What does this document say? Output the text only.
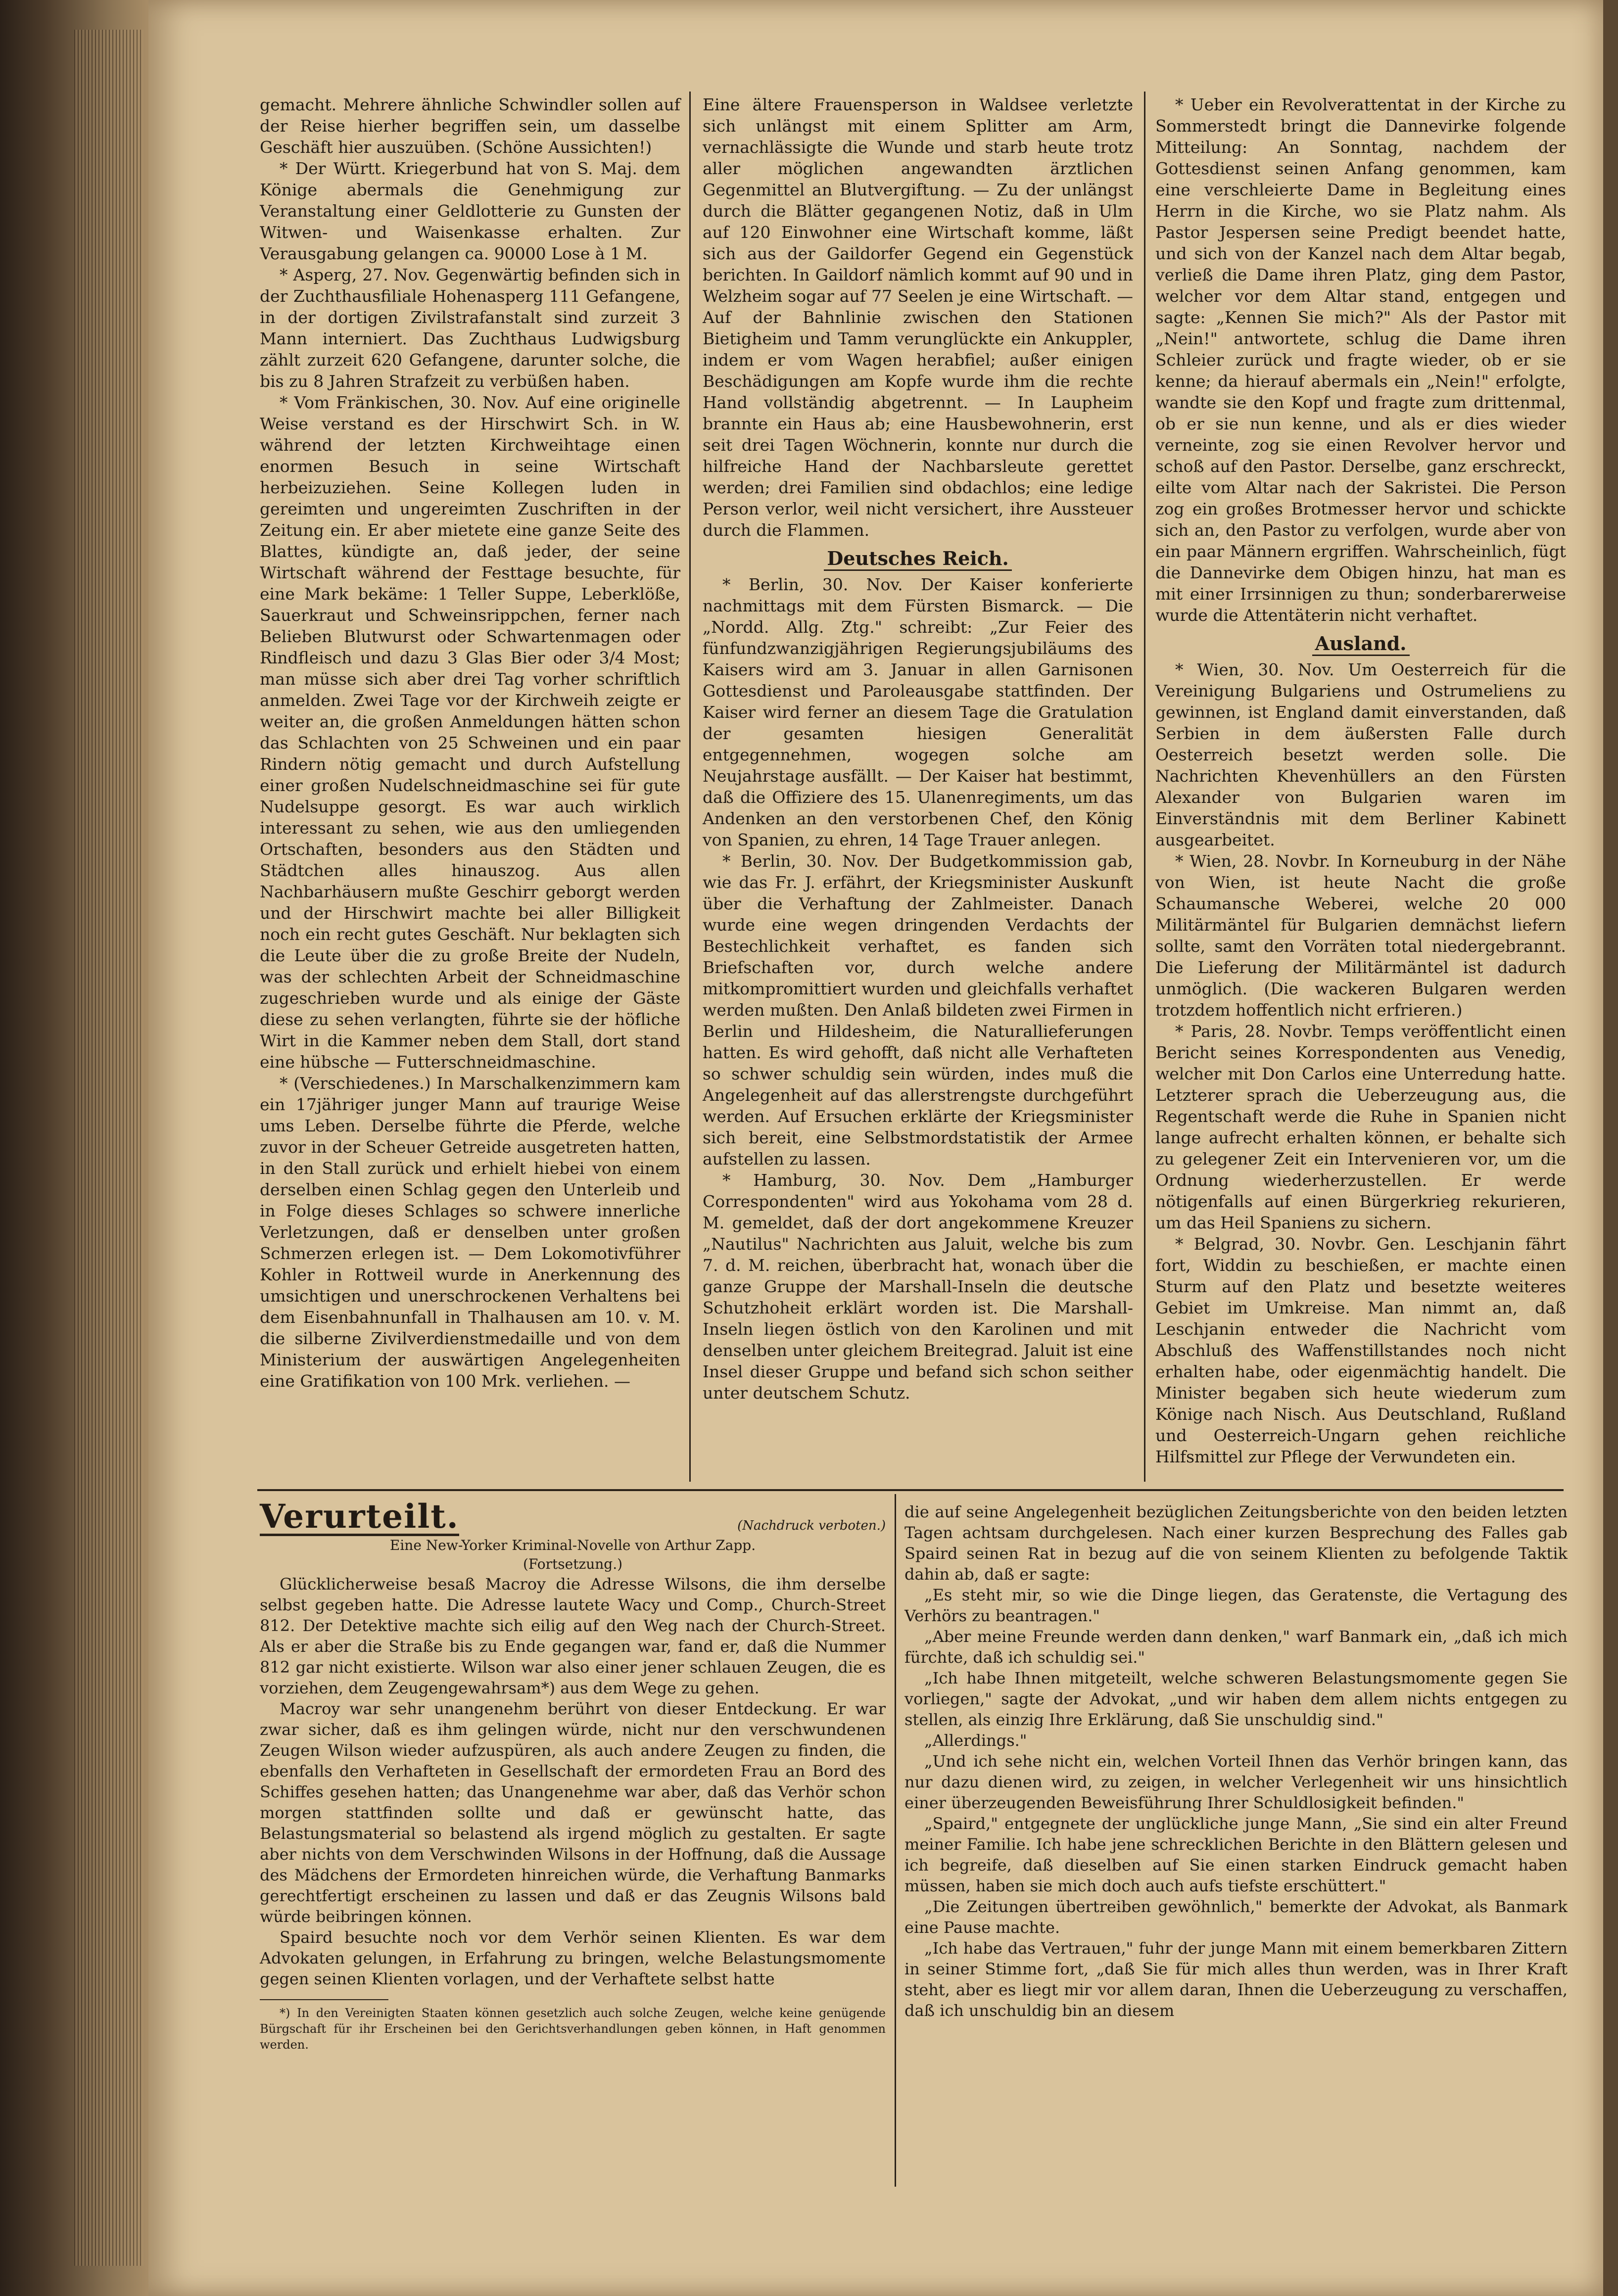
gemacht. Mehrere ähnliche Schwindler sollen auf der Reise hierher begriffen sein, um dasselbe Geschäft hier auszuüben. (Schöne Aussichten!)

* Der Württ. Kriegerbund hat von S. Maj. dem Könige abermals die Genehmigung zur Veranstaltung einer Geldlotterie zu Gunsten der Witwen- und Waisenkasse erhalten. Zur Verausgabung gelangen ca. 90000 Lose à 1 M.

* Asperg, 27. Nov. Gegenwärtig befinden sich in der Zuchthausfiliale Hohenasperg 111 Gefangene, in der dortigen Zivilstrafanstalt sind zurzeit 3 Mann interniert. Das Zuchthaus Ludwigsburg zählt zurzeit 620 Gefangene, darunter solche, die bis zu 8 Jahren Strafzeit zu verbüßen haben.

* Vom Fränkischen, 30. Nov. Auf eine originelle Weise verstand es der Hirschwirt Sch. in W. während der letzten Kirchweihtage einen enormen Besuch in seine Wirtschaft herbeizuziehen. Seine Kollegen luden in gereimten und ungereimten Zuschriften in der Zeitung ein. Er aber mietete eine ganze Seite des Blattes, kündigte an, daß jeder, der seine Wirtschaft während der Festtage besuchte, für eine Mark bekäme: 1 Teller Suppe, Leberklöße, Sauerkraut und Schweinsrippchen, ferner nach Belieben Blutwurst oder Schwartenmagen oder Rindfleisch und dazu 3 Glas Bier oder 3/4 Most; man müsse sich aber drei Tag vorher schriftlich anmelden. Zwei Tage vor der Kirchweih zeigte er weiter an, die großen Anmeldungen hätten schon das Schlachten von 25 Schweinen und ein paar Rindern nötig gemacht und durch Aufstellung einer großen Nudelschneidmaschine sei für gute Nudelsuppe gesorgt. Es war auch wirklich interessant zu sehen, wie aus den umliegenden Ortschaften, besonders aus den Städten und Städtchen alles hinauszog. Aus allen Nachbarhäusern mußte Geschirr geborgt werden und der Hirschwirt machte bei aller Billigkeit noch ein recht gutes Geschäft. Nur beklagten sich die Leute über die zu große Breite der Nudeln, was der schlechten Arbeit der Schneidmaschine zugeschrieben wurde und als einige der Gäste diese zu sehen verlangten, führte sie der höfliche Wirt in die Kammer neben dem Stall, dort stand eine hübsche — Futterschneidmaschine.

* (Verschiedenes.) In Marschalkenzimmern kam ein 17jähriger junger Mann auf traurige Weise ums Leben. Derselbe führte die Pferde, welche zuvor in der Scheuer Getreide ausgetreten hatten, in den Stall zurück und erhielt hiebei von einem derselben einen Schlag gegen den Unterleib und in Folge dieses Schlages so schwere innerliche Verletzungen, daß er denselben unter großen Schmerzen erlegen ist. — Dem Lokomotivführer Kohler in Rottweil wurde in Anerkennung des umsichtigen und unerschrockenen Verhaltens bei dem Eisenbahnunfall in Thalhausen am 10. v. M. die silberne Zivilverdienstmedaille und von dem Ministerium der auswärtigen Angelegenheiten eine Gratifikation von 100 Mrk. verliehen. —

Eine ältere Frauensperson in Waldsee verletzte sich unlängst mit einem Splitter am Arm, vernachlässigte die Wunde und starb heute trotz aller möglichen angewandten ärztlichen Gegenmittel an Blutvergiftung. — Zu der unlängst durch die Blätter gegangenen Notiz, daß in Ulm auf 120 Einwohner eine Wirtschaft komme, läßt sich aus der Gaildorfer Gegend ein Gegenstück berichten. In Gaildorf nämlich kommt auf 90 und in Welzheim sogar auf 77 Seelen je eine Wirtschaft. — Auf der Bahnlinie zwischen den Stationen Bietigheim und Tamm verunglückte ein Ankuppler, indem er vom Wagen herabfiel; außer einigen Beschädigungen am Kopfe wurde ihm die rechte Hand vollständig abgetrennt. — In Laupheim brannte ein Haus ab; eine Hausbewohnerin, erst seit drei Tagen Wöchnerin, konnte nur durch die hilfreiche Hand der Nachbarsleute gerettet werden; drei Familien sind obdachlos; eine ledige Person verlor, weil nicht versichert, ihre Aussteuer durch die Flammen.

Deutsches Reich.

* Berlin, 30. Nov. Der Kaiser konferierte nachmittags mit dem Fürsten Bismarck. — Die „Nordd. Allg. Ztg." schreibt: „Zur Feier des fünfundzwanzigjährigen Regierungsjubiläums des Kaisers wird am 3. Januar in allen Garnisonen Gottesdienst und Paroleausgabe stattfinden. Der Kaiser wird ferner an diesem Tage die Gratulation der gesamten hiesigen Generalität entgegennehmen, wogegen solche am Neujahrstage ausfällt. — Der Kaiser hat bestimmt, daß die Offiziere des 15. Ulanenregiments, um das Andenken an den verstorbenen Chef, den König von Spanien, zu ehren, 14 Tage Trauer anlegen.

* Berlin, 30. Nov. Der Budgetkommission gab, wie das Fr. J. erfährt, der Kriegsminister Auskunft über die Verhaftung der Zahlmeister. Danach wurde eine wegen dringenden Verdachts der Bestechlichkeit verhaftet, es fanden sich Briefschaften vor, durch welche andere mitkompromittiert wurden und gleichfalls verhaftet werden mußten. Den Anlaß bildeten zwei Firmen in Berlin und Hildesheim, die Naturallieferungen hatten. Es wird gehofft, daß nicht alle Verhafteten so schwer schuldig sein würden, indes muß die Angelegenheit auf das allerstrengste durchgeführt werden. Auf Ersuchen erklärte der Kriegsminister sich bereit, eine Selbstmordstatistik der Armee aufstellen zu lassen.

* Hamburg, 30. Nov. Dem „Hamburger Correspondenten" wird aus Yokohama vom 28 d. M. gemeldet, daß der dort angekommene Kreuzer „Nautilus" Nachrichten aus Jaluit, welche bis zum 7. d. M. reichen, überbracht hat, wonach über die ganze Gruppe der Marshall-Inseln die deutsche Schutzhoheit erklärt worden ist. Die Marshall-Inseln liegen östlich von den Karolinen und mit denselben unter gleichem Breitegrad. Jaluit ist eine Insel dieser Gruppe und befand sich schon seither unter deutschem Schutz.

* Ueber ein Revolverattentat in der Kirche zu Sommerstedt bringt die Dannevirke folgende Mitteilung: An Sonntag, nachdem der Gottesdienst seinen Anfang genommen, kam eine verschleierte Dame in Begleitung eines Herrn in die Kirche, wo sie Platz nahm. Als Pastor Jespersen seine Predigt beendet hatte, und sich von der Kanzel nach dem Altar begab, verließ die Dame ihren Platz, ging dem Pastor, welcher vor dem Altar stand, entgegen und sagte: „Kennen Sie mich?" Als der Pastor mit „Nein!" antwortete, schlug die Dame ihren Schleier zurück und fragte wieder, ob er sie kenne; da hierauf abermals ein „Nein!" erfolgte, wandte sie den Kopf und fragte zum drittenmal, ob er sie nun kenne, und als er dies wieder verneinte, zog sie einen Revolver hervor und schoß auf den Pastor. Derselbe, ganz erschreckt, eilte vom Altar nach der Sakristei. Die Person zog ein großes Brotmesser hervor und schickte sich an, den Pastor zu verfolgen, wurde aber von ein paar Männern ergriffen. Wahrscheinlich, fügt die Dannevirke dem Obigen hinzu, hat man es mit einer Irrsinnigen zu thun; sonderbarerweise wurde die Attentäterin nicht verhaftet.

Ausland.

* Wien, 30. Nov. Um Oesterreich für die Vereinigung Bulgariens und Ostrumeliens zu gewinnen, ist England damit einverstanden, daß Serbien in dem äußersten Falle durch Oesterreich besetzt werden solle. Die Nachrichten Khevenhüllers an den Fürsten Alexander von Bulgarien waren im Einverständnis mit dem Berliner Kabinett ausgearbeitet.

* Wien, 28. Novbr. In Korneuburg in der Nähe von Wien, ist heute Nacht die große Schaumansche Weberei, welche 20 000 Militärmäntel für Bulgarien demnächst liefern sollte, samt den Vorräten total niedergebrannt. Die Lieferung der Militärmäntel ist dadurch unmöglich. (Die wackeren Bulgaren werden trotzdem hoffentlich nicht erfrieren.)

* Paris, 28. Novbr. Temps veröffentlicht einen Bericht seines Korrespondenten aus Venedig, welcher mit Don Carlos eine Unterredung hatte. Letzterer sprach die Ueberzeugung aus, die Regentschaft werde die Ruhe in Spanien nicht lange aufrecht erhalten können, er behalte sich zu gelegener Zeit ein Intervenieren vor, um die Ordnung wiederherzustellen. Er werde nötigenfalls auf einen Bürgerkrieg rekurieren, um das Heil Spaniens zu sichern.

* Belgrad, 30. Novbr. Gen. Leschjanin fährt fort, Widdin zu beschießen, er machte einen Sturm auf den Platz und besetzte weiteres Gebiet im Umkreise. Man nimmt an, daß Leschjanin entweder die Nachricht vom Abschluß des Waffenstillstandes noch nicht erhalten habe, oder eigenmächtig handelt. Die Minister begaben sich heute wiederum zum Könige nach Nisch. Aus Deutschland, Rußland und Oesterreich-Ungarn gehen reichliche Hilfsmittel zur Pflege der Verwundeten ein.

Verurteilt.	(Nachdruck verboten.)

Eine New-Yorker Kriminal-Novelle von Arthur Zapp.

(Fortsetzung.)

Glücklicherweise besaß Macroy die Adresse Wilsons, die ihm derselbe selbst gegeben hatte. Die Adresse lautete Wacy und Comp., Church-Street 812. Der Detektive machte sich eilig auf den Weg nach der Church-Street. Als er aber die Straße bis zu Ende gegangen war, fand er, daß die Nummer 812 gar nicht existierte. Wilson war also einer jener schlauen Zeugen, die es vorziehen, dem Zeugengewahrsam*) aus dem Wege zu gehen.

Macroy war sehr unangenehm berührt von dieser Entdeckung. Er war zwar sicher, daß es ihm gelingen würde, nicht nur den verschwundenen Zeugen Wilson wieder aufzuspüren, als auch andere Zeugen zu finden, die ebenfalls den Verhafteten in Gesellschaft der ermordeten Frau an Bord des Schiffes gesehen hatten; das Unangenehme war aber, daß das Verhör schon morgen stattfinden sollte und daß er gewünscht hatte, das Belastungsmaterial so belastend als irgend möglich zu gestalten. Er sagte aber nichts von dem Verschwinden Wilsons in der Hoffnung, daß die Aussage des Mädchens der Ermordeten hinreichen würde, die Verhaftung Banmarks gerechtfertigt erscheinen zu lassen und daß er das Zeugnis Wilsons bald würde beibringen können.

Spaird besuchte noch vor dem Verhör seinen Klienten. Es war dem Advokaten gelungen, in Erfahrung zu bringen, welche Belastungsmomente gegen seinen Klienten vorlagen, und der Verhaftete selbst hatte

*) In den Vereinigten Staaten können gesetzlich auch solche Zeugen, welche keine genügende Bürgschaft für ihr Erscheinen bei den Gerichtsverhandlungen geben können, in Haft genommen werden.

die auf seine Angelegenheit bezüglichen Zeitungsberichte von den beiden letzten Tagen achtsam durchgelesen. Nach einer kurzen Besprechung des Falles gab Spaird seinen Rat in bezug auf die von seinem Klienten zu befolgende Taktik dahin ab, daß er sagte:

„Es steht mir, so wie die Dinge liegen, das Geratenste, die Vertagung des Verhörs zu beantragen."

„Aber meine Freunde werden dann denken," warf Banmark ein, „daß ich mich fürchte, daß ich schuldig sei."

„Ich habe Ihnen mitgeteilt, welche schweren Belastungsmomente gegen Sie vorliegen," sagte der Advokat, „und wir haben dem allem nichts entgegen zu stellen, als einzig Ihre Erklärung, daß Sie unschuldig sind."

„Allerdings."

„Und ich sehe nicht ein, welchen Vorteil Ihnen das Verhör bringen kann, das nur dazu dienen wird, zu zeigen, in welcher Verlegenheit wir uns hinsichtlich einer überzeugenden Beweisführung Ihrer Schuldlosigkeit befinden."

„Spaird," entgegnete der unglückliche junge Mann, „Sie sind ein alter Freund meiner Familie. Ich habe jene schrecklichen Berichte in den Blättern gelesen und ich begreife, daß dieselben auf Sie einen starken Eindruck gemacht haben müssen, haben sie mich doch auch aufs tiefste erschüttert."

„Die Zeitungen übertreiben gewöhnlich," bemerkte der Advokat, als Banmark eine Pause machte.

„Ich habe das Vertrauen," fuhr der junge Mann mit einem bemerkbaren Zittern in seiner Stimme fort, „daß Sie für mich alles thun werden, was in Ihrer Kraft steht, aber es liegt mir vor allem daran, Ihnen die Ueberzeugung zu verschaffen, daß ich unschuldig bin an diesem
